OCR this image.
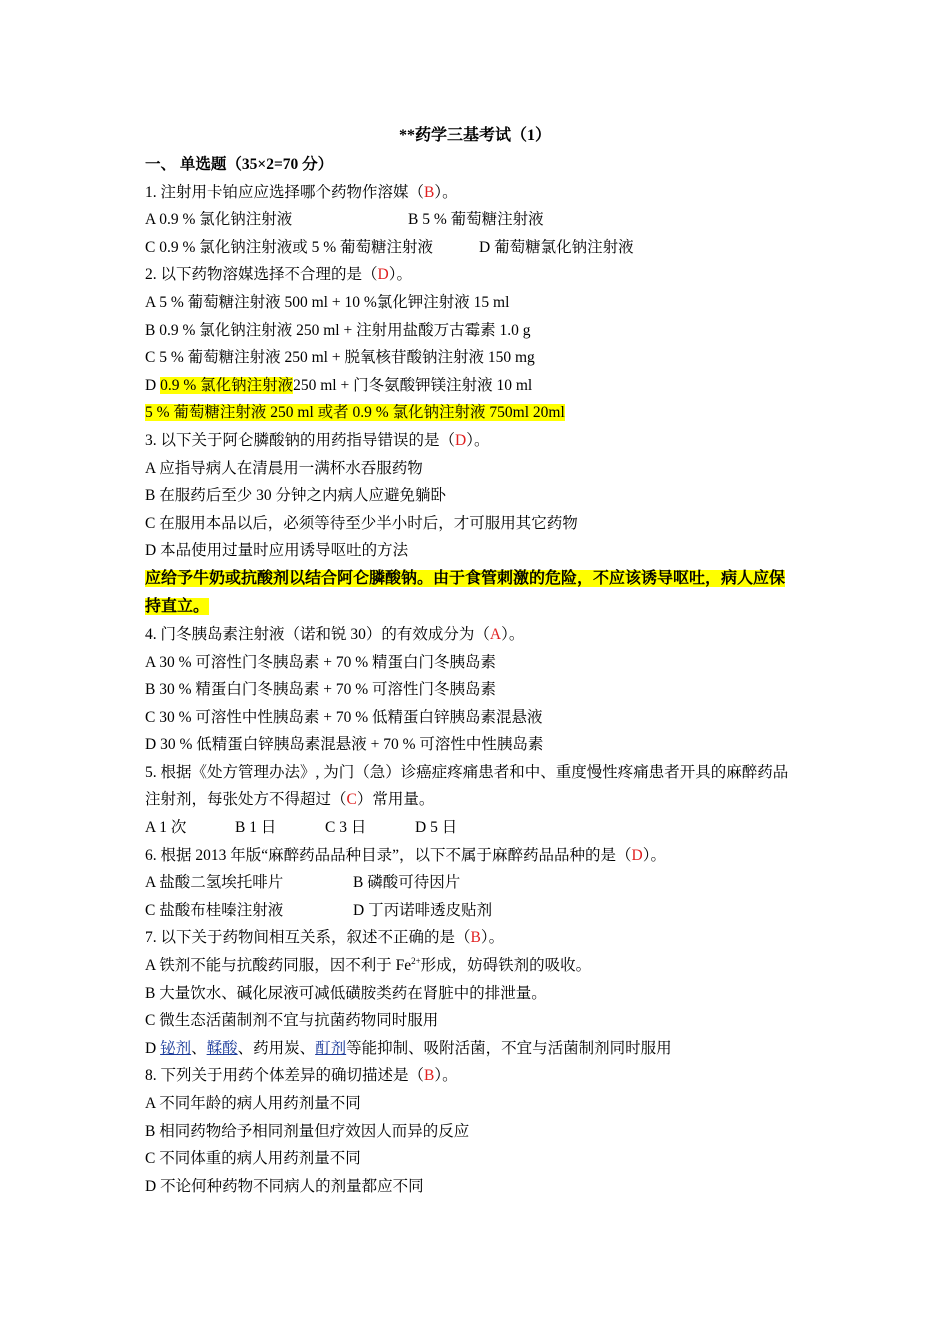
**药学三基考试（1）
一、 单选题（35×2=70 分）
1. 注射用卡铂应应选择哪个药物作溶媒（B）。
A 0.9 % 氯化钠注射液	B 5 % 葡萄糖注射液
C 0.9 % 氯化钠注射液或 5 % 葡萄糖注射液	D 葡萄糖氯化钠注射液
2. 以下药物溶媒选择不合理的是（D）。
A 5 % 葡萄糖注射液 500 ml + 10 %氯化钾注射液 15 ml
B 0.9 % 氯化钠注射液 250 ml + 注射用盐酸万古霉素 1.0 g
C 5 % 葡萄糖注射液 250 ml + 脱氧核苷酸钠注射液 150 mg
D 0.9 % 氯化钠注射液250 ml + 门冬氨酸钾镁注射液 10 ml
5 % 葡萄糖注射液 250 ml 或者 0.9 % 氯化钠注射液 750ml 20ml
3. 以下关于阿仑膦酸钠的用药指导错误的是（D）。
A 应指导病人在清晨用一满杯水吞服药物
B 在服药后至少 30 分钟之内病人应避免躺卧
C 在服用本品以后，必须等待至少半小时后，才可服用其它药物
D 本品使用过量时应用诱导呕吐的方法
应给予牛奶或抗酸剂以结合阿仑膦酸钠。由于食管刺激的危险，不应该诱导呕吐，病人应保
持直立。
4. 门冬胰岛素注射液（诺和锐 30）的有效成分为（A）。
A 30 % 可溶性门冬胰岛素 + 70 % 精蛋白门冬胰岛素
B 30 % 精蛋白门冬胰岛素 + 70 % 可溶性门冬胰岛素
C 30 % 可溶性中性胰岛素 + 70 % 低精蛋白锌胰岛素混悬液
D 30 % 低精蛋白锌胰岛素混悬液 + 70 % 可溶性中性胰岛素
5. 根据《处方管理办法》, 为门（急）诊癌症疼痛患者和中、重度慢性疼痛患者开具的麻醉药品
注射剂，每张处方不得超过（C）常用量。
A 1 次	B 1 日	C 3 日	D 5 日
6. 根据 2013 年版“麻醉药品品种目录”，以下不属于麻醉药品品种的是（D）。
A 盐酸二氢埃托啡片	B 磷酸可待因片
C 盐酸布桂嗪注射液	D 丁丙诺啡透皮贴剂
7. 以下关于药物间相互关系，叙述不正确的是（B）。
A 铁剂不能与抗酸药同服，因不利于 $Fe^{2+}$形成，妨碍铁剂的吸收。
B 大量饮水、碱化尿液可减低磺胺类药在肾脏中的排泄量。
C 微生态活菌制剂不宜与抗菌药物同时服用
D 铋剂、鞣酸、药用炭、酊剂等能抑制、吸附活菌，不宜与活菌制剂同时服用
8. 下列关于用药个体差异的确切描述是（B）。
A 不同年龄的病人用药剂量不同
B 相同药物给予相同剂量但疗效因人而异的反应
C 不同体重的病人用药剂量不同
D 不论何种药物不同病人的剂量都应不同
